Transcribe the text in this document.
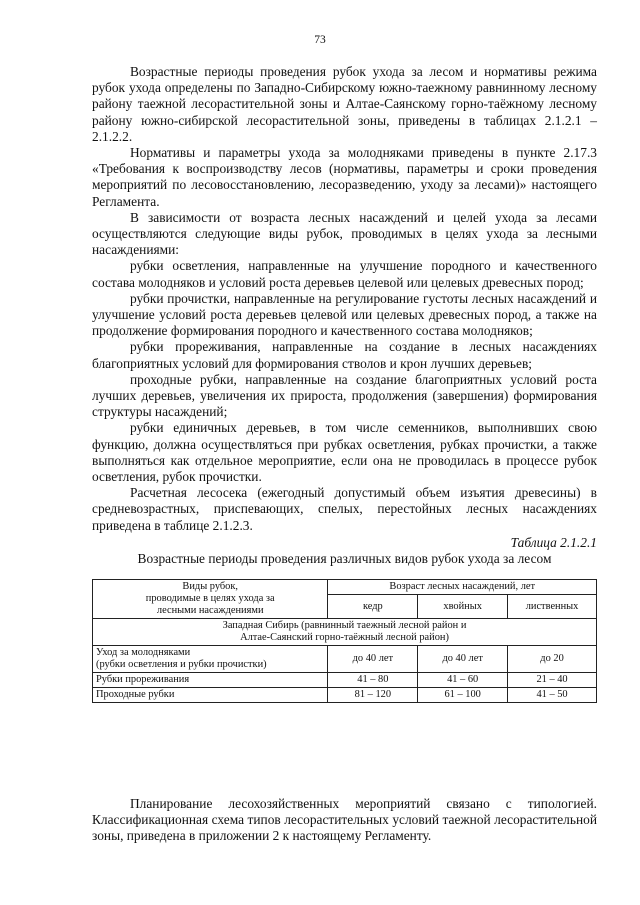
73

Возрастные периоды проведения рубок ухода за лесом и нормативы режима рубок ухода определены по Западно-Сибирскому южно-таежному равнинному лесному району таежной лесорастительной зоны и Алтае-Саянскому горно-таёжному лесному району южно-сибирской лесорастительной зоны, приведены в таблицах 2.1.2.1 – 2.1.2.2.

Нормативы и параметры ухода за молодняками приведены в пункте 2.17.3 «Требования к воспроизводству лесов (нормативы, параметры и сроки проведения мероприятий по лесовосстановлению, лесоразведению, уходу за лесами)» настоящего Регламента.

В зависимости от возраста лесных насаждений и целей ухода за лесами осуществляются следующие виды рубок, проводимых в целях ухода за лесными насаждениями:

рубки осветления, направленные на улучшение породного и качественного состава молодняков и условий роста деревьев целевой или целевых древесных пород;

рубки прочистки, направленные на регулирование густоты лесных насаждений и улучшение условий роста деревьев целевой или целевых древесных пород, а также на продолжение формирования породного и качественного состава молодняков;

рубки прореживания, направленные на создание в лесных насаждениях благоприятных условий для формирования стволов и крон лучших деревьев;

проходные рубки, направленные на создание благоприятных условий роста лучших деревьев, увеличения их прироста, продолжения (завершения) формирования структуры насаждений;

рубки единичных деревьев, в том числе семенников, выполнивших свою функцию, должна осуществляться при рубках осветления, рубках прочистки, а также выполняться как отдельное мероприятие, если она не проводилась в процессе рубок осветления, рубок прочистки.

Расчетная лесосека (ежегодный допустимый объем изъятия древесины) в средневозрастных, приспевающих, спелых, перестойных лесных насаждениях приведена в таблице 2.1.2.3.

Таблица 2.1.2.1
Возрастные периоды проведения различных видов рубок ухода за лесом
Виды рубок,
проводимые в целях ухода за
лесными насаждениями	Возраст лесных насаждений, лет		
	кедр	хвойных	лиственных
Западная Сибирь (равнинный таежный лесной район и
Алтае-Саянский горно-таёжный лесной район)			
Уход за молодняками
(рубки осветления и рубки прочистки)	до 40 лет	до 40 лет	до 20
Рубки прореживания	41 – 80	41 – 60	21 – 40
Проходные рубки	81 – 120	61 – 100	41 – 50

Планирование лесохозяйственных мероприятий связано с типологией. Классификационная схема типов лесорастительных условий таежной лесорастительной зоны, приведена в приложении 2 к настоящему Регламенту.
